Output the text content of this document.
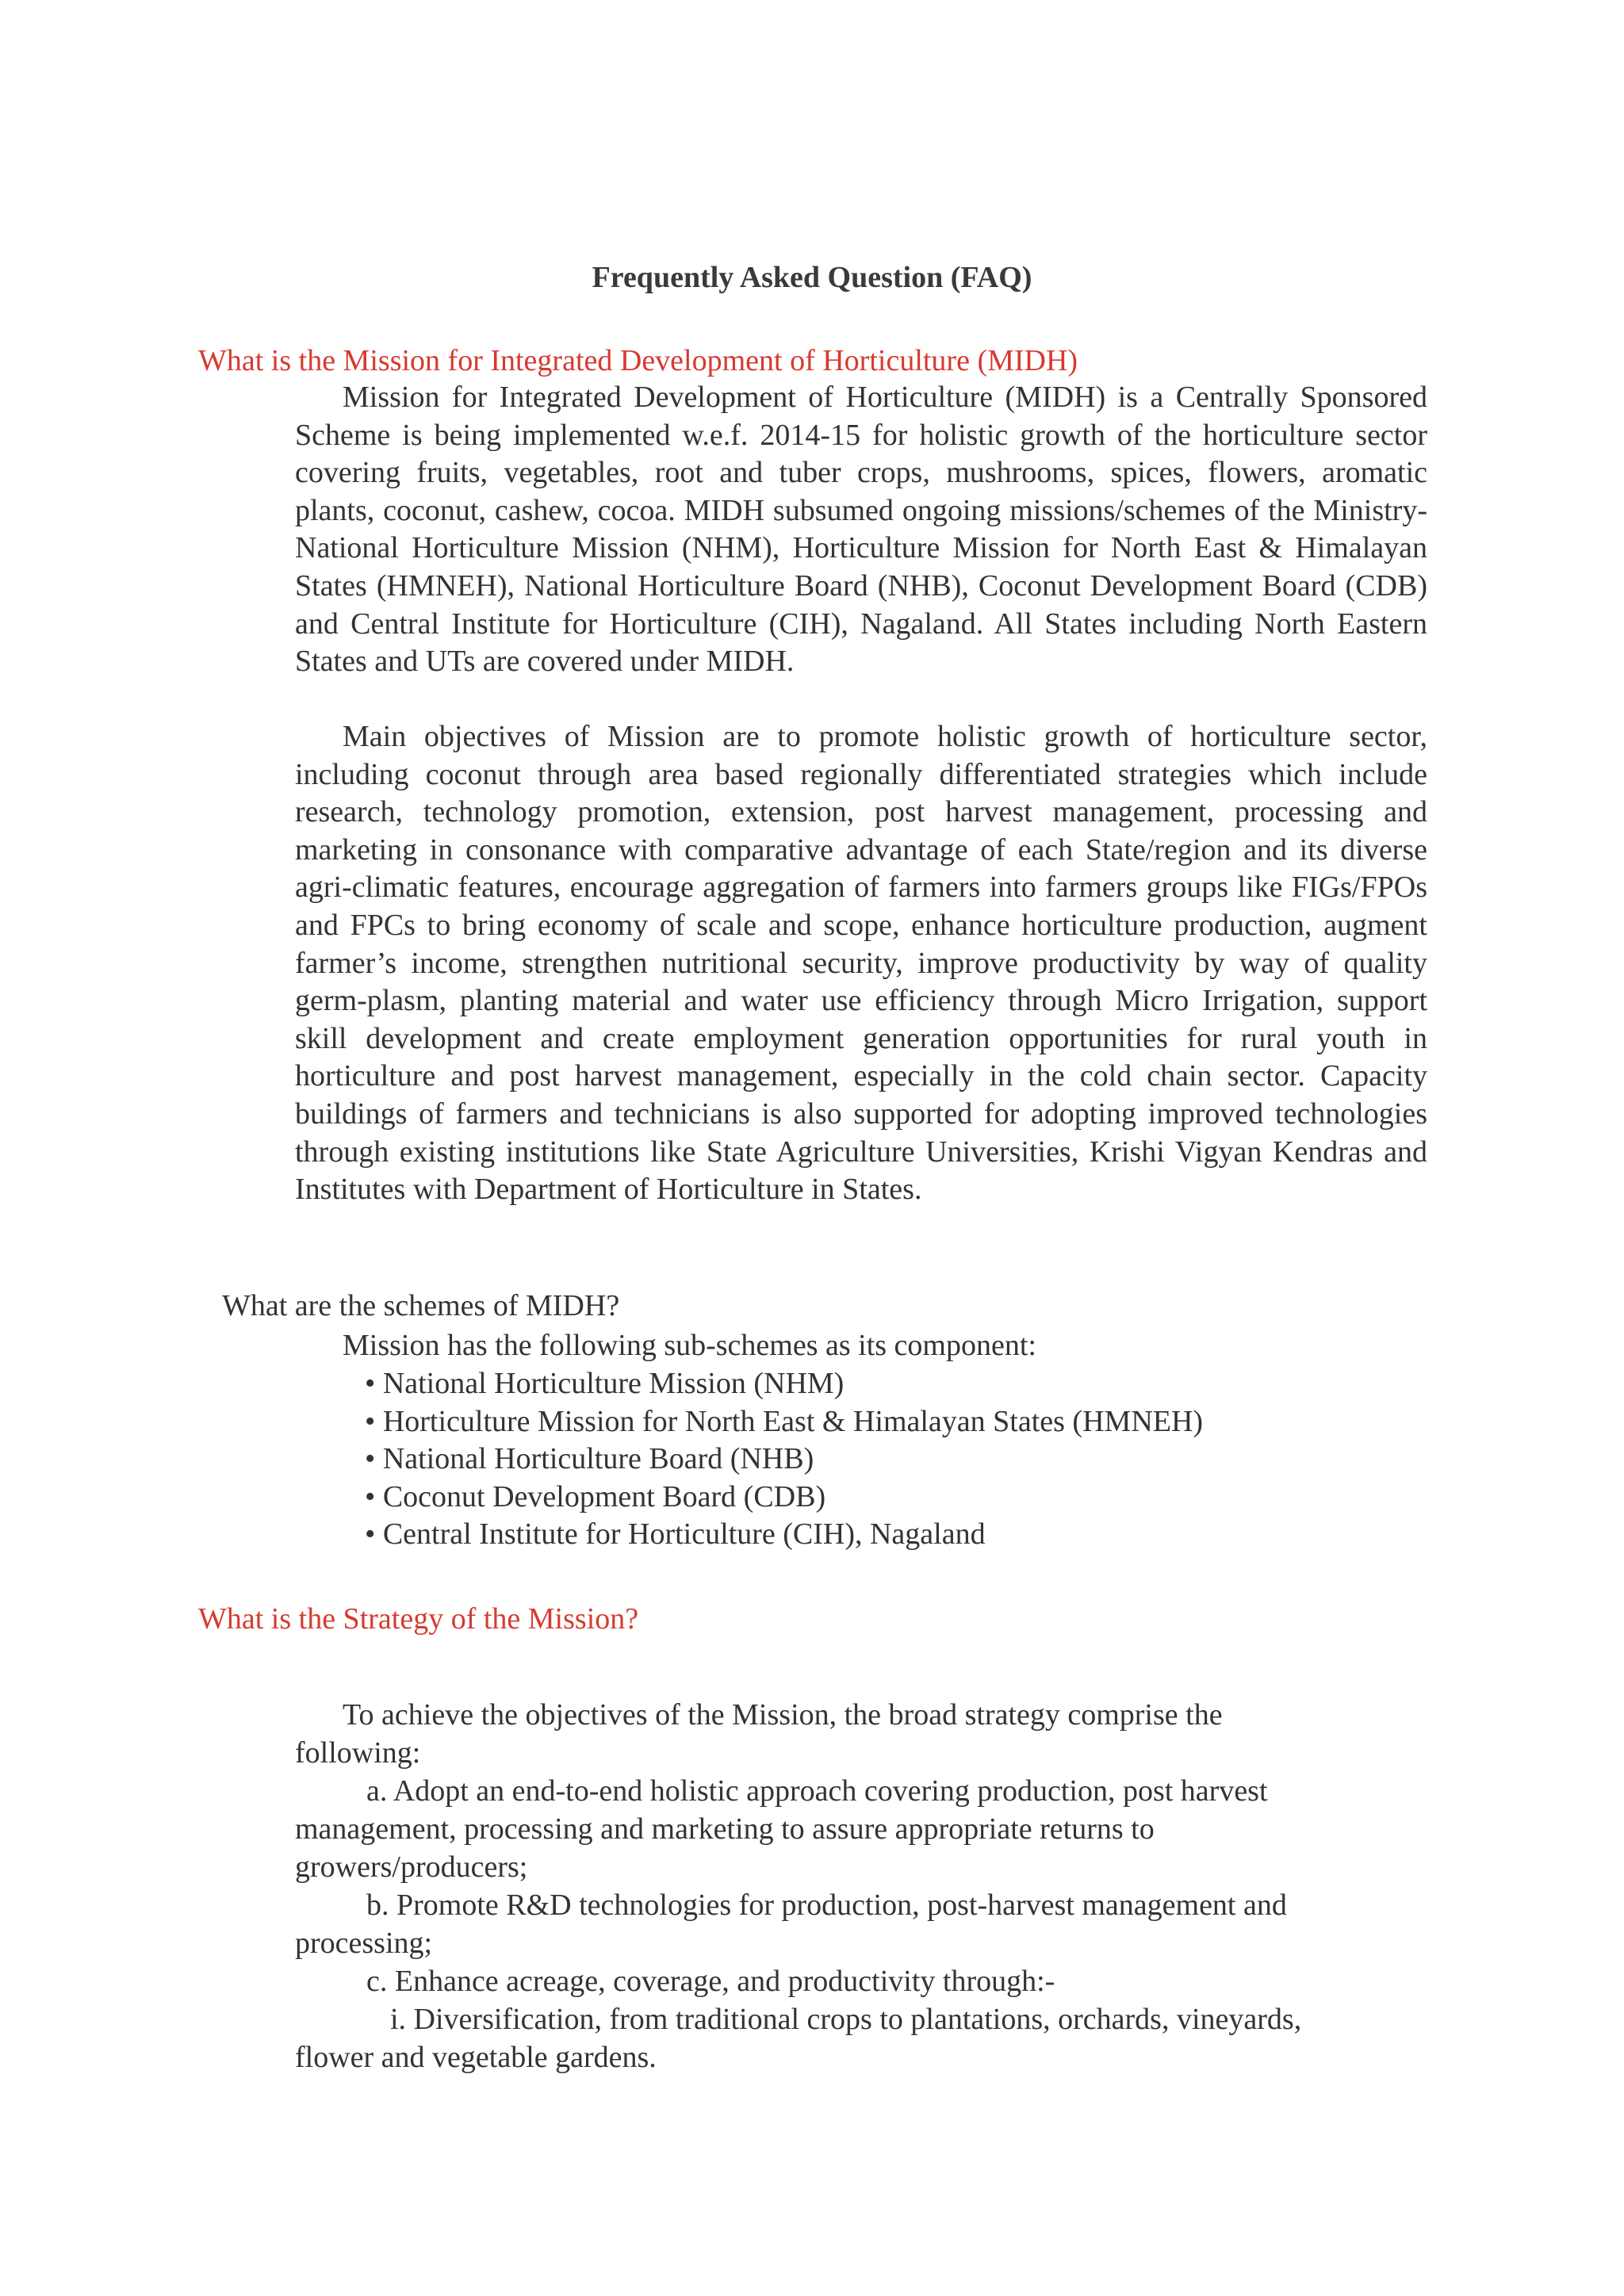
Frequently Asked Question (FAQ)
What is the Mission for Integrated Development of Horticulture (MIDH)
Mission for Integrated Development of Horticulture (MIDH) is a Centrally Sponsored Scheme is being implemented w.e.f. 2014-15 for holistic growth of the horticulture sector covering fruits, vegetables, root and tuber crops, mushrooms, spices, flowers, aromatic plants, coconut, cashew, cocoa. MIDH subsumed ongoing missions/schemes of the Ministry- National Horticulture Mission (NHM), Horticulture Mission for North East & Himalayan States (HMNEH), National Horticulture Board (NHB), Coconut Development Board (CDB) and Central Institute for Horticulture (CIH), Nagaland. All States including North Eastern States and UTs are covered under MIDH.
Main objectives of Mission are to promote holistic growth of horticulture sector, including coconut through area based regionally differentiated strategies which include research, technology promotion, extension, post harvest management, processing and marketing in consonance with comparative advantage of each State/region and its diverse agri-climatic features, encourage aggregation of farmers into farmers groups like FIGs/FPOs and FPCs to bring economy of scale and scope, enhance horticulture production, augment farmer’s income, strengthen nutritional security, improve productivity by way of quality germ-plasm, planting material and water use efficiency through Micro Irrigation, support skill development and create employment generation opportunities for rural youth in horticulture and post harvest management, especially in the cold chain sector. Capacity buildings of farmers and technicians is also supported for adopting improved technologies through existing institutions like State Agriculture Universities, Krishi Vigyan Kendras and Institutes with Department of Horticulture in States.
What are the schemes of MIDH?
Mission has the following sub-schemes as its component:
• National Horticulture Mission (NHM)
• Horticulture Mission for North East & Himalayan States (HMNEH)
• National Horticulture Board (NHB)
• Coconut Development Board (CDB)
• Central Institute for Horticulture (CIH), Nagaland
What is the Strategy of the Mission?
To achieve the objectives of the Mission, the broad strategy comprise the
following:
a. Adopt an end-to-end holistic approach covering production, post harvest
management, processing and marketing to assure appropriate returns to
growers/producers;
b. Promote R&D technologies for production, post-harvest management and
processing;
c. Enhance acreage, coverage, and productivity through:-
i. Diversification, from traditional crops to plantations, orchards, vineyards,
flower and vegetable gardens.
